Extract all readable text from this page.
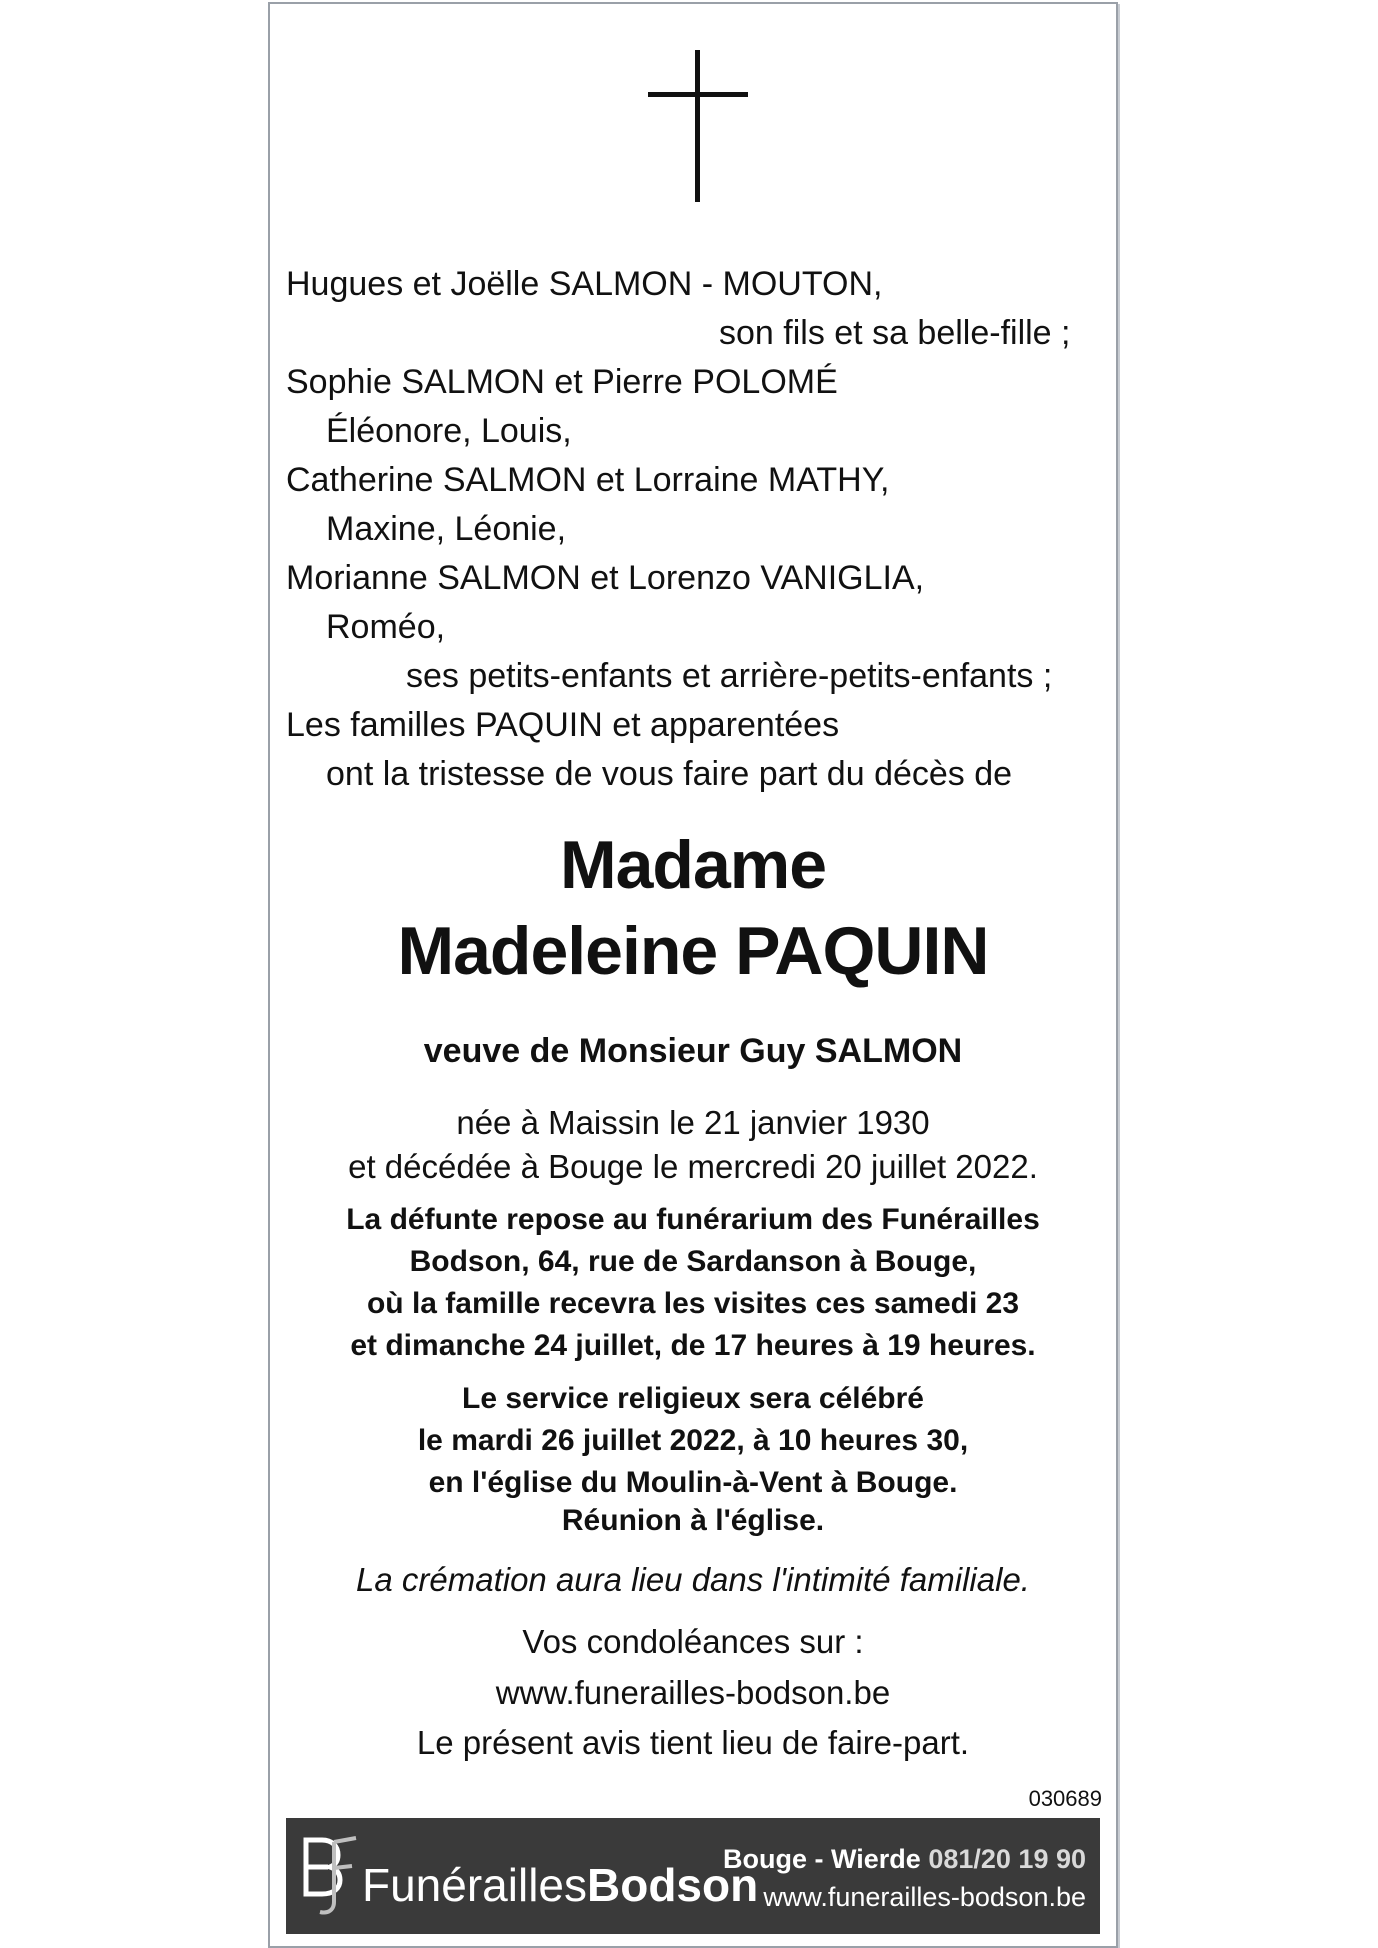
Hugues et Joëlle SALMON - MOUTON,
son fils et sa belle-fille ;
Sophie SALMON et Pierre POLOMÉ
Éléonore, Louis,
Catherine SALMON et Lorraine MATHY,
Maxine, Léonie,
Morianne SALMON et Lorenzo VANIGLIA,
Roméo,
ses petits-enfants et arrière-petits-enfants ;
Les familles PAQUIN et apparentées
ont la tristesse de vous faire part du décès de
Madame
Madeleine PAQUIN
veuve de Monsieur Guy SALMON
née à Maissin le 21 janvier 1930
et décédée à Bouge le mercredi 20 juillet 2022.
La défunte repose au funérarium des Funérailles
Bodson, 64, rue de Sardanson à Bouge,
où la famille recevra les visites ces samedi 23
et dimanche 24 juillet, de 17 heures à 19 heures.
Le service religieux sera célébré
le mardi 26 juillet 2022, à 10 heures 30,
en l'église du Moulin-à-Vent à Bouge.
Réunion à l'église.
La crémation aura lieu dans l'intimité familiale.
Vos condoléances sur :
www.funerailles-bodson.be
Le présent avis tient lieu de faire-part.
030689
FunéraillesBodson
Bouge - Wierde 081/20 19 90
www.funerailles-bodson.be
